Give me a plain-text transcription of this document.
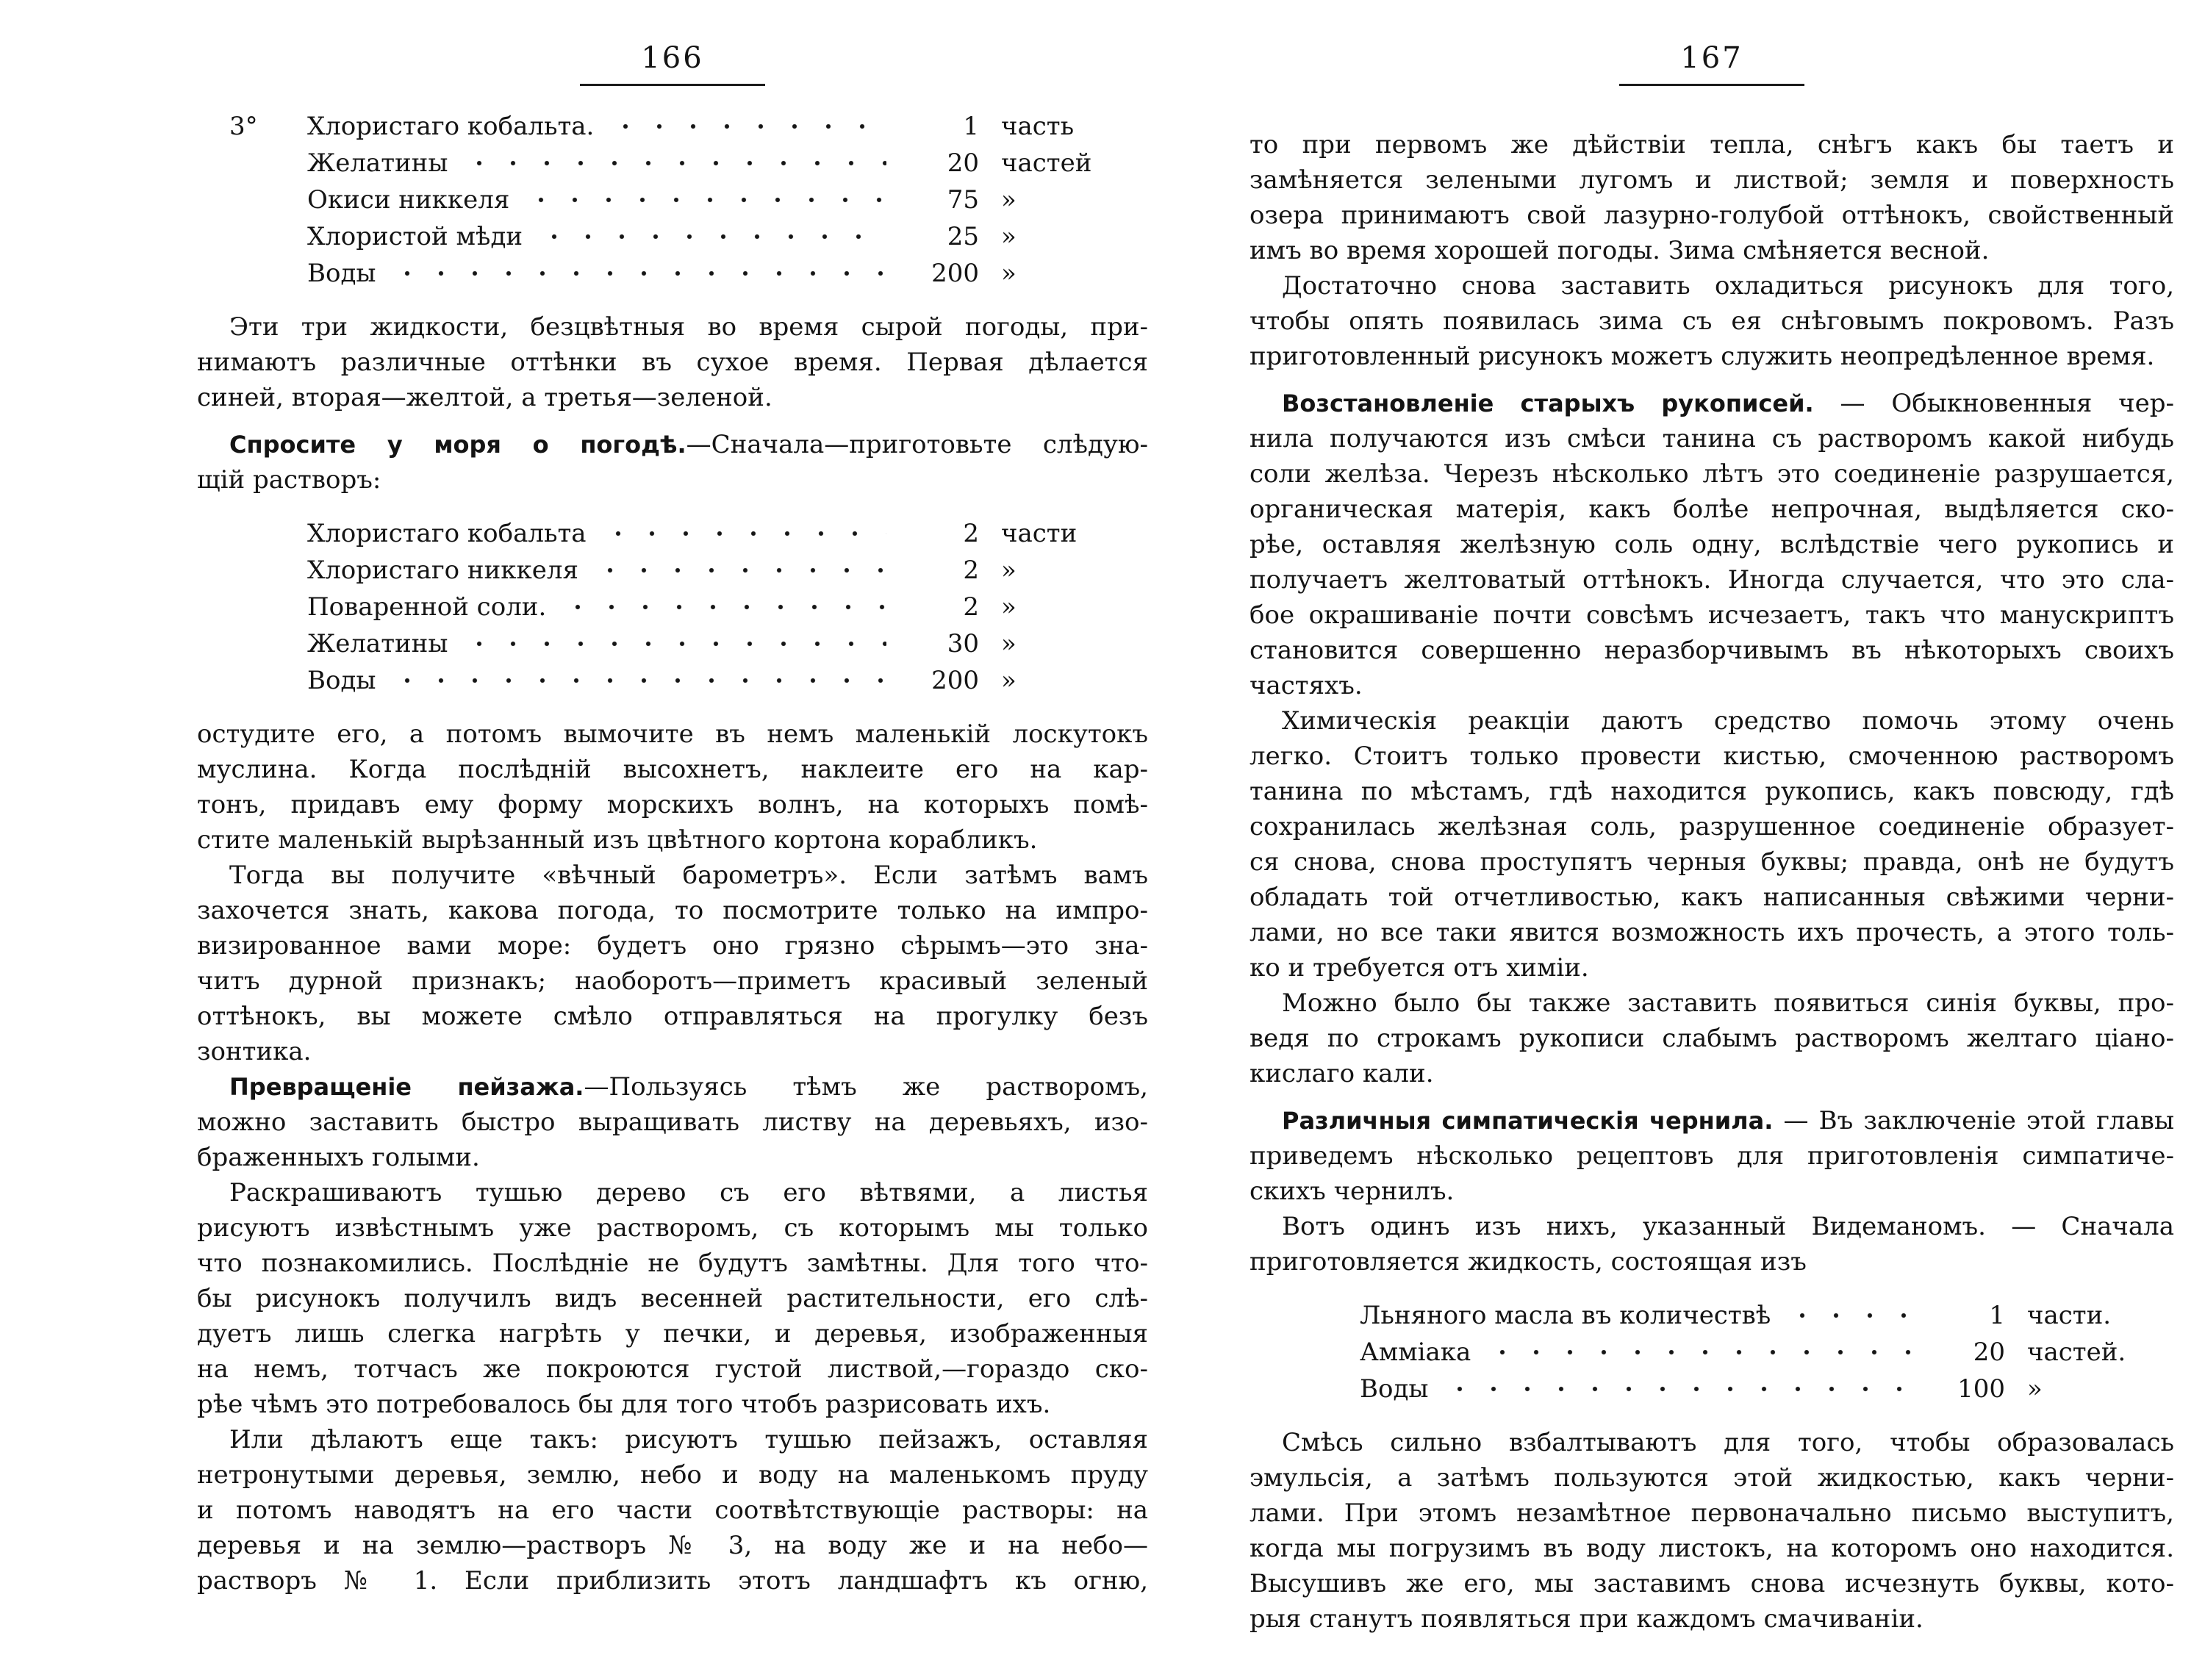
166
3° Хлористаго кобальта.	1 часть
Желатины	20 частей
Окиси никкеля	75 »
Хлористой мѣди	25 »
Воды	200 »
Эти три жидкости, безцвѣтныя во время сырой погоды, при-
нимаютъ различные оттѣнки въ сухое время. Первая дѣлается
синей, вторая—желтой, а третья—зеленой.
Спросите у моря о погодѣ.—Сначала—приготовьте слѣдую-
щій растворъ:
Хлористаго кобальта	2 части
Хлористаго никкеля	2 »
Поваренной соли.	2 »
Желатины	30 »
Воды	200 »
остудите его, а потомъ вымочите въ немъ маленькій лоскутокъ
муслина. Когда послѣдній высохнетъ, наклеите его на кар-
тонъ, придавъ ему форму морскихъ волнъ, на которыхъ помѣ-
стите маленькій вырѣзанный изъ цвѣтного кортона корабликъ.
Тогда вы получите «вѣчный барометръ». Если затѣмъ вамъ
захочется знать, какова погода, то посмотрите только на импро-
визированное вами море: будетъ оно грязно сѣрымъ—это зна-
читъ дурной признакъ; наоборотъ—приметъ красивый зеленый
оттѣнокъ, вы можете смѣло отправляться на прогулку безъ
зонтика.
Превращеніе пейзажа.—Пользуясь тѣмъ же растворомъ,
можно заставить быстро выращивать листву на деревьяхъ, изо-
браженныхъ голыми.
Раскрашиваютъ тушью дерево съ его вѣтвями, а листья
рисуютъ извѣстнымъ уже растворомъ, съ которымъ мы только
что познакомились. Послѣдніе не будутъ замѣтны. Для того что-
бы рисунокъ получилъ видъ весенней растительности, его слѣ-
дуетъ лишь слегка нагрѣть у печки, и деревья, изображенныя
на немъ, тотчасъ же покроются густой листвой,—гораздо ско-
рѣе чѣмъ это потребовалось бы для того чтобъ разрисовать ихъ.
Или дѣлаютъ еще такъ: рисуютъ тушью пейзажъ, оставляя
нетронутыми деревья, землю, небо и воду на маленькомъ пруду
и потомъ наводятъ на его части соотвѣтствующіе растворы: на
деревья и на землю—растворъ № 3, на воду же и на небо—
растворъ № 1. Если приблизить этотъ ландшафтъ къ огню,
167
то при первомъ же дѣйствіи тепла, снѣгъ какъ бы таетъ и
замѣняется зелеными лугомъ и листвой; земля и поверхность
озера принимаютъ свой лазурно-голубой оттѣнокъ, свойственный
имъ во время хорошей погоды. Зима смѣняется весной.
Достаточно снова заставить охладиться рисунокъ для того,
чтобы опять появилась зима съ ея снѣговымъ покровомъ. Разъ
приготовленный рисунокъ можетъ служить неопредѣленное время.
Возстановленіе старыхъ рукописей. — Обыкновенныя чер-
нила получаются изъ смѣси танина съ растворомъ какой нибудь
соли желѣза. Черезъ нѣсколько лѣтъ это соединеніе разрушается,
органическая матерія, какъ болѣе непрочная, выдѣляется ско-
рѣе, оставляя желѣзную соль одну, вслѣдствіе чего рукопись и
получаетъ желтоватый оттѣнокъ. Иногда случается, что это сла-
бое окрашиваніе почти совсѣмъ исчезаетъ, такъ что манускриптъ
становится совершенно неразборчивымъ въ нѣкоторыхъ своихъ
частяхъ.
Химическія реакціи даютъ средство помочь этому очень
легко. Стоитъ только провести кистью, смоченною растворомъ
танина по мѣстамъ, гдѣ находится рукопись, какъ повсюду, гдѣ
сохранилась желѣзная соль, разрушенное соединеніе образует-
ся снова, снова проступятъ черныя буквы; правда, онѣ не будутъ
обладать той отчетливостью, какъ написанныя свѣжими черни-
лами, но все таки явится возможность ихъ прочесть, а этого толь-
ко и требуется отъ химіи.
Можно было бы также заставить появиться синія буквы, про-
ведя по строкамъ рукописи слабымъ растворомъ желтаго ціано-
кислаго кали.
Различныя симпатическія чернила. — Въ заключеніе этой главы
приведемъ нѣсколько рецептовъ для приготовленія симпатиче-
скихъ чернилъ.
Вотъ одинъ изъ нихъ, указанный Видеманомъ. — Сначала
приготовляется жидкость, состоящая изъ
Льняного масла въ количествѣ	1 части.
Амміака	20 частей.
Воды	100 »
Смѣсь сильно взбалтываютъ для того, чтобы образовалась
эмульсія, а затѣмъ пользуются этой жидкостью, какъ черни-
лами. При этомъ незамѣтное первоначально письмо выступитъ,
когда мы погрузимъ въ воду листокъ, на которомъ оно находится.
Высушивъ же его, мы заставимъ снова исчезнуть буквы, кото-
рыя станутъ появляться при каждомъ смачиваніи.
